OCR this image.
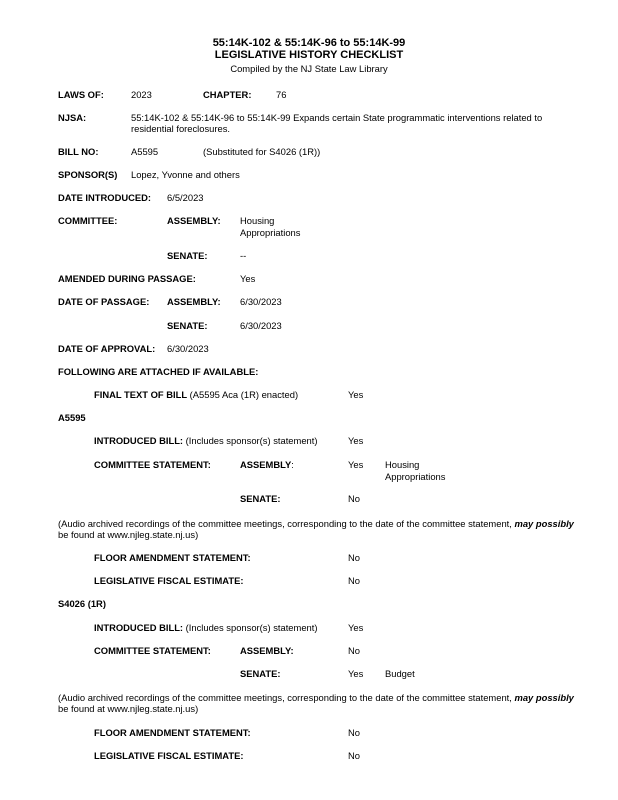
55:14K-102 & 55:14K-96 to 55:14K-99
LEGISLATIVE HISTORY CHECKLIST
Compiled by the NJ State Law Library
LAWS OF:	2023	CHAPTER:	76
NJSA:	55:14K-102 & 55:14K-96 to 55:14K-99 Expands certain State programmatic interventions related to
residential foreclosures.
BILL NO:	A5595	(Substituted for S4026 (1R))
SPONSOR(S) Lopez, Yvonne and others
DATE INTRODUCED: 6/5/2023
COMMITTEE:	ASSEMBLY: Housing
Appropriations
SENATE:	--
AMENDED DURING PASSAGE:	Yes
DATE OF PASSAGE: ASSEMBLY: 6/30/2023
SENATE:	6/30/2023
DATE OF APPROVAL: 6/30/2023
FOLLOWING ARE ATTACHED IF AVAILABLE:
FINAL TEXT OF BILL (A5595 Aca (1R) enacted)	Yes
A5595
INTRODUCED BILL: (Includes sponsor(s) statement)	Yes
COMMITTEE STATEMENT:	ASSEMBLY:	Yes Housing
Appropriations
SENATE:	No
(Audio archived recordings of the committee meetings, corresponding to the date of the committee statement, may possibly
be found at www.njleg.state.nj.us)
FLOOR AMENDMENT STATEMENT:	No
LEGISLATIVE FISCAL ESTIMATE:	No
S4026 (1R)
INTRODUCED BILL: (Includes sponsor(s) statement)	Yes
COMMITTEE STATEMENT:	ASSEMBLY:	No
SENATE:	Yes Budget
(Audio archived recordings of the committee meetings, corresponding to the date of the committee statement, may possibly
be found at www.njleg.state.nj.us)
FLOOR AMENDMENT STATEMENT:	No
LEGISLATIVE FISCAL ESTIMATE:	No
